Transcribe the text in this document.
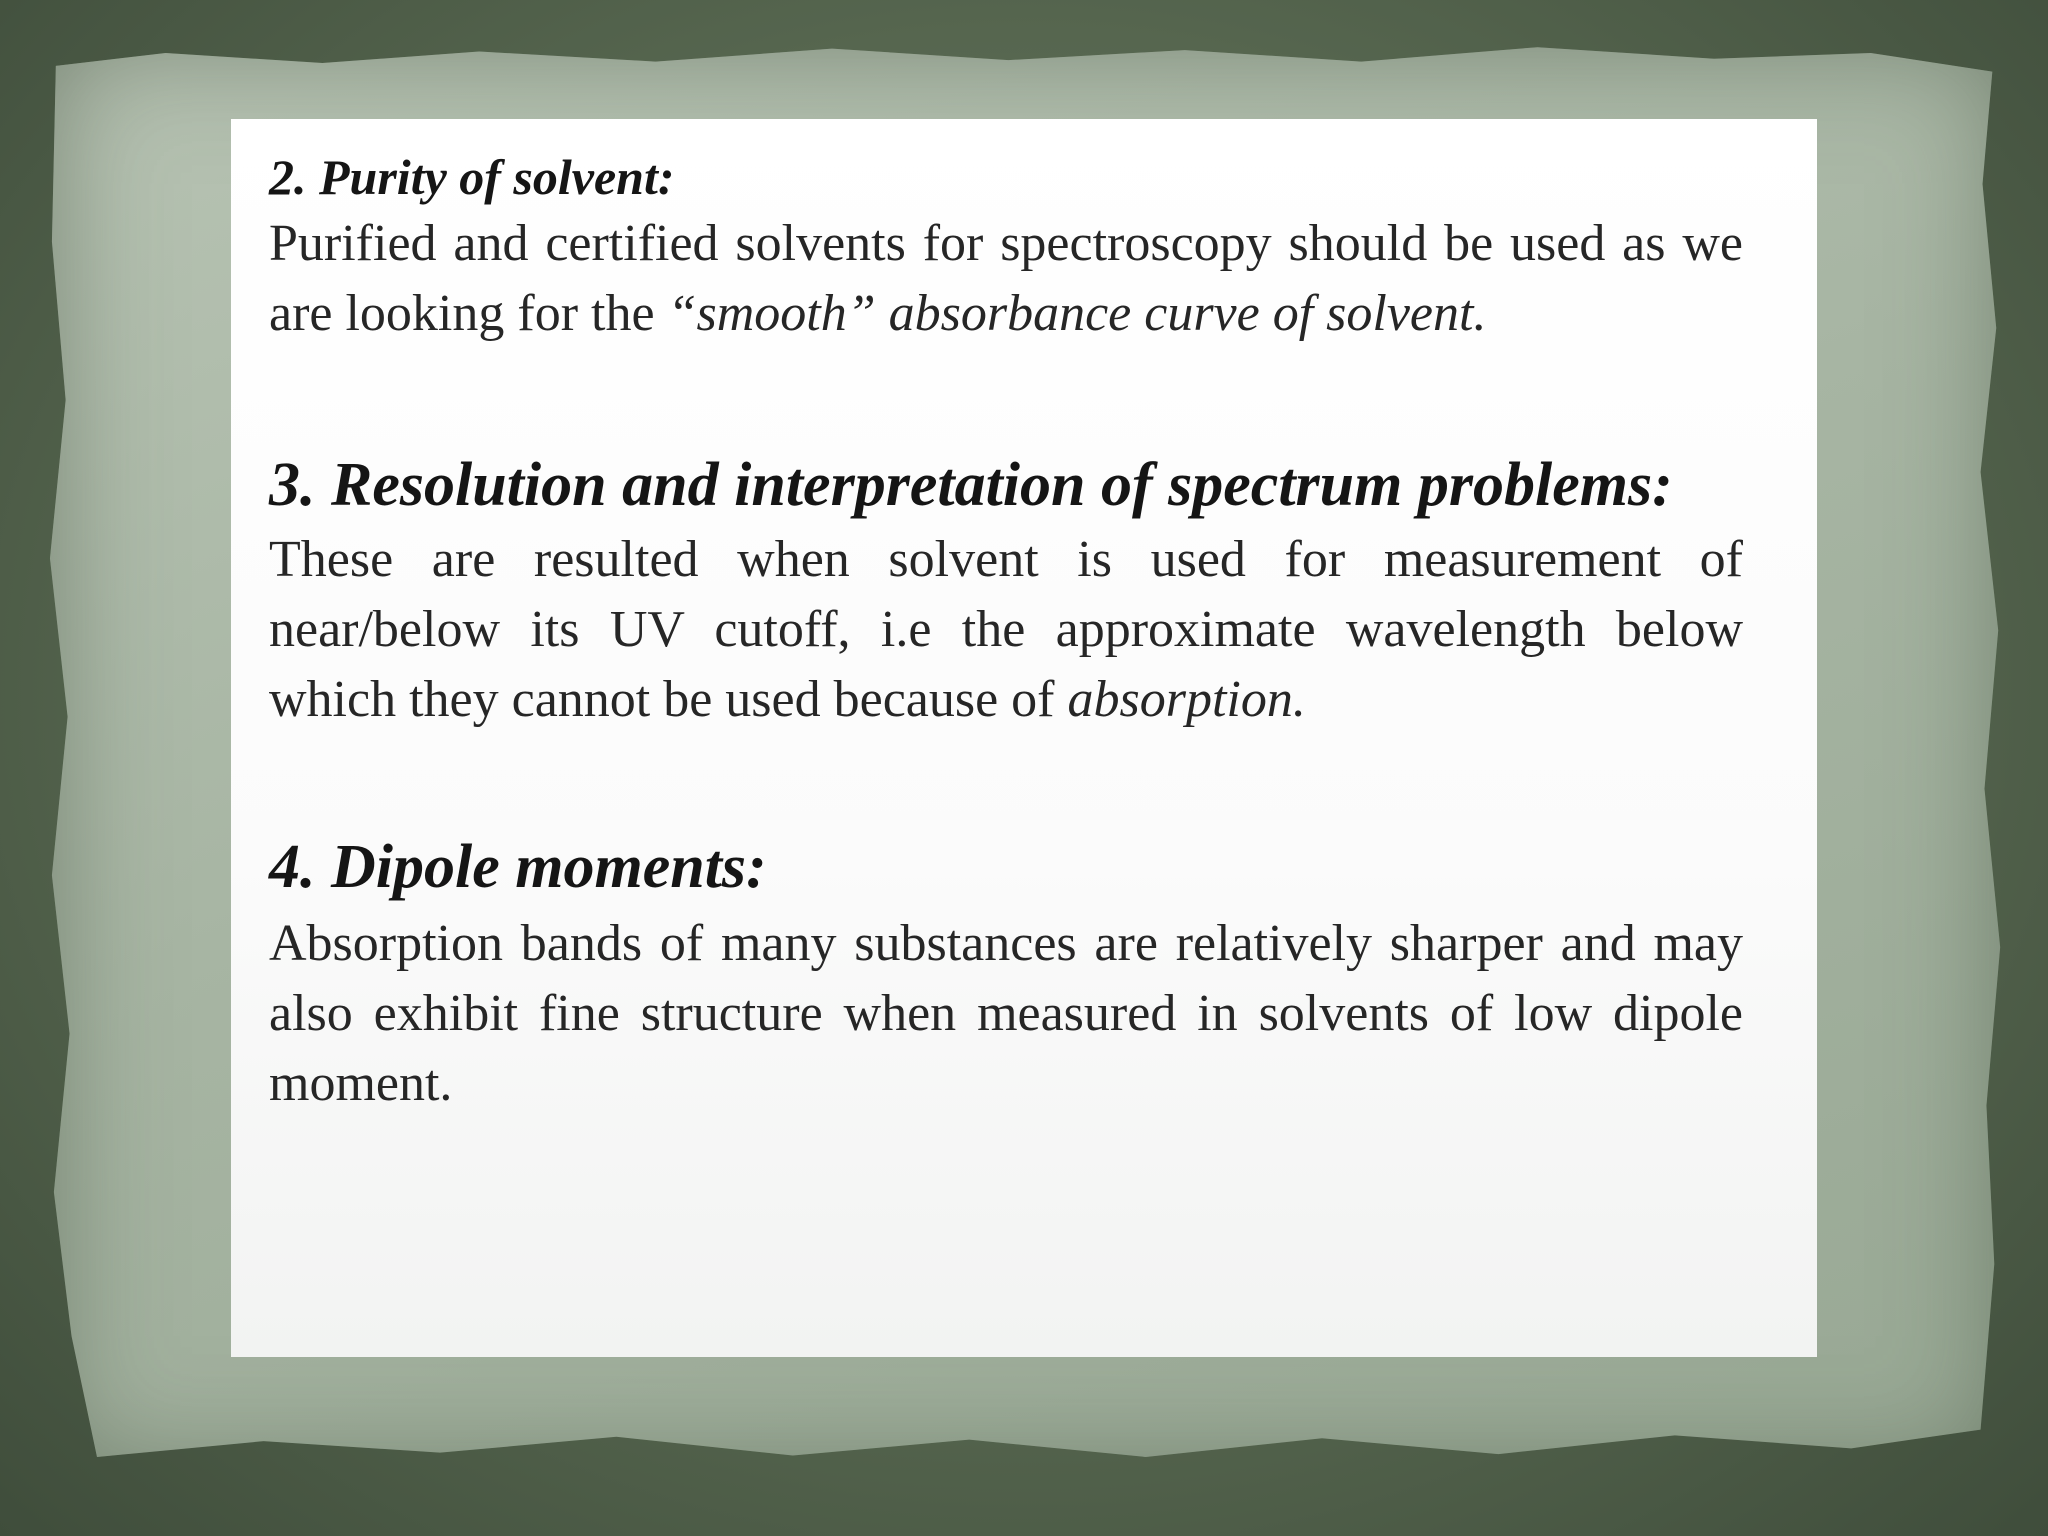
2. Purity of solvent:

Purified and certified solvents for spectroscopy should be used as we are looking for the “smooth” absorbance curve of solvent.

3. Resolution and interpretation of spectrum problems:

These are resulted when solvent is used for measurement of near/below its UV cutoff, i.e the approximate wavelength below which they cannot be used because of absorption.

4. Dipole moments:

Absorption bands of many substances are relatively sharper and may also exhibit fine structure when measured in solvents of low dipole moment.
